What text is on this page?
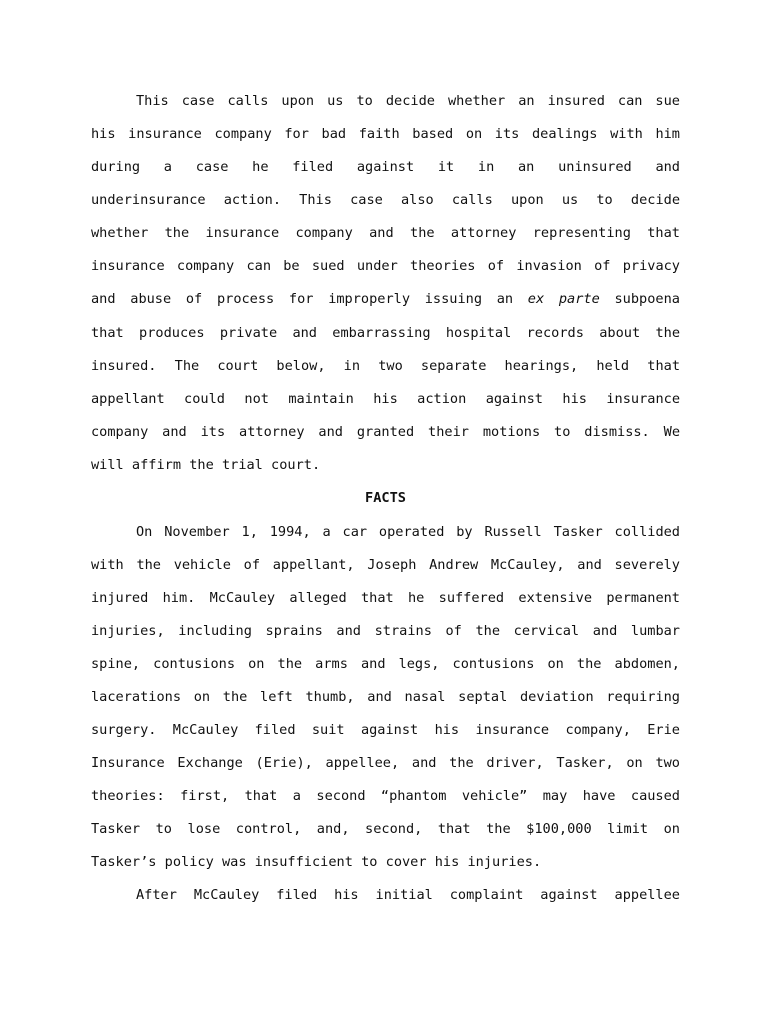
This case calls upon us to decide whether an insured can sue

his insurance company for bad faith based on its dealings with him

during a case he filed against it in an uninsured and

underinsurance action. This case also calls upon us to decide

whether the insurance company and the attorney representing that

insurance company can be sued under theories of invasion of privacy

and abuse of process for improperly issuing an ex parte subpoena

that produces private and embarrassing hospital records about the

insured. The court below, in two separate hearings, held that

appellant could not maintain his action against his insurance

company and its attorney and granted their motions to dismiss. We

will affirm the trial court.

FACTS

On November 1, 1994, a car operated by Russell Tasker collided

with the vehicle of appellant, Joseph Andrew McCauley, and severely

injured him. McCauley alleged that he suffered extensive permanent

injuries, including sprains and strains of the cervical and lumbar

spine, contusions on the arms and legs, contusions on the abdomen,

lacerations on the left thumb, and nasal septal deviation requiring

surgery. McCauley filed suit against his insurance company, Erie

Insurance Exchange (Erie), appellee, and the driver, Tasker, on two

theories: first, that a second “phantom vehicle” may have caused

Tasker to lose control, and, second, that the $100,000 limit on

Tasker’s policy was insufficient to cover his injuries.

After McCauley filed his initial complaint against appellee
